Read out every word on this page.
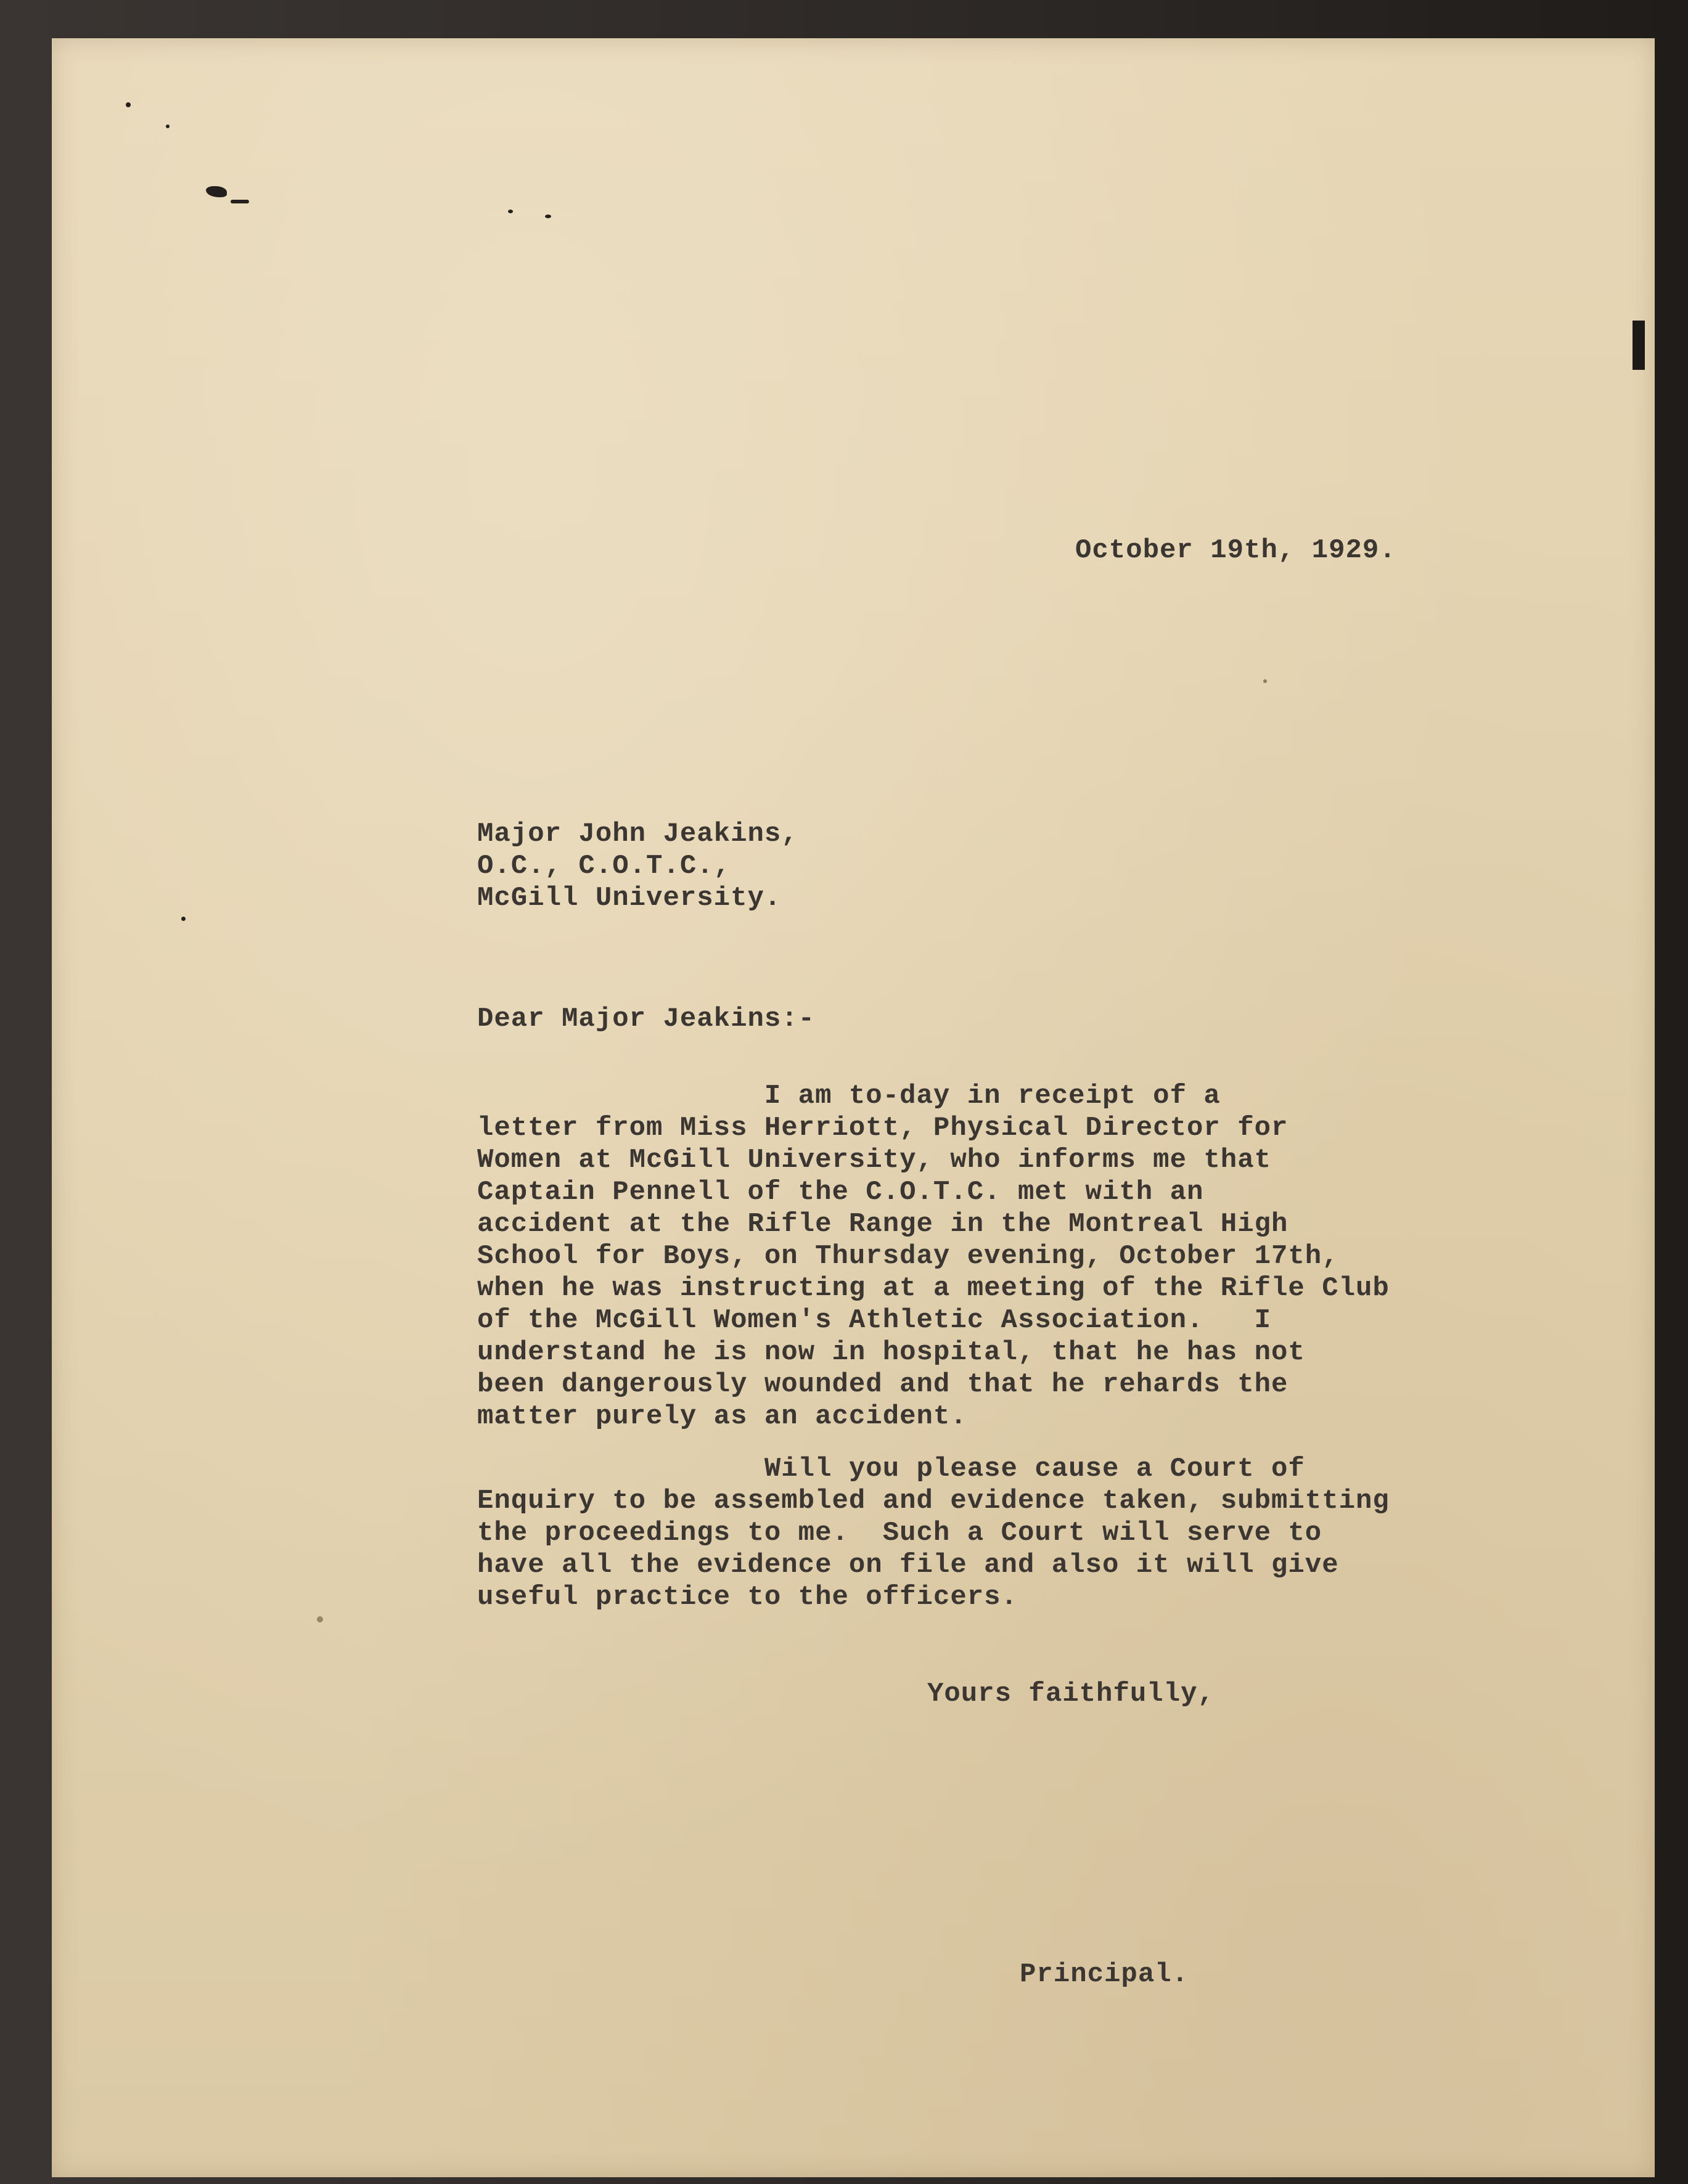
October 19th, 1929.
Major John Jeakins,
O.C., C.O.T.C.,
McGill University.
Dear Major Jeakins:-
I am to-day in receipt of a
letter from Miss Herriott, Physical Director for
Women at McGill University, who informs me that
Captain Pennell of the C.O.T.C. met with an
accident at the Rifle Range in the Montreal High
School for Boys, on Thursday evening, October 17th,
when he was instructing at a meeting of the Rifle Club
of the McGill Women's Athletic Association.   I
understand he is now in hospital, that he has not
been dangerously wounded and that he rehards the
matter purely as an accident.
Will you please cause a Court of
Enquiry to be assembled and evidence taken, submitting
the proceedings to me.  Such a Court will serve to
have all the evidence on file and also it will give
useful practice to the officers.
Yours faithfully,
Principal.
